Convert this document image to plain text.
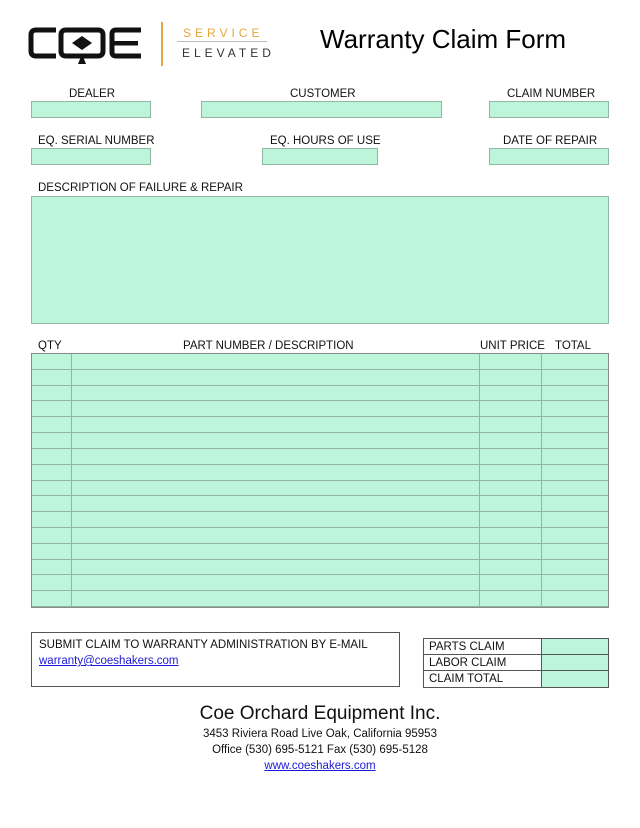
SERVICE
ELEVATED Warranty Claim Form
DEALER	CUSTOMER	CLAIM NUMBER
EQ. SERIAL NUMBER	EQ. HOURS OF USE	DATE OF REPAIR
DESCRIPTION OF FAILURE & REPAIR
QTY	PART NUMBER / DESCRIPTION	UNIT PRICE TOTAL
SUBMIT CLAIM TO WARRANTY ADMINISTRATION BY E-MAIL
warranty@coeshakers.com
PARTS CLAIM
LABOR CLAIM
CLAIM TOTAL
Coe Orchard Equipment Inc.
3453 Riviera Road Live Oak, California 95953
Office (530) 695-5121 Fax (530) 695-5128
www.coeshakers.com
